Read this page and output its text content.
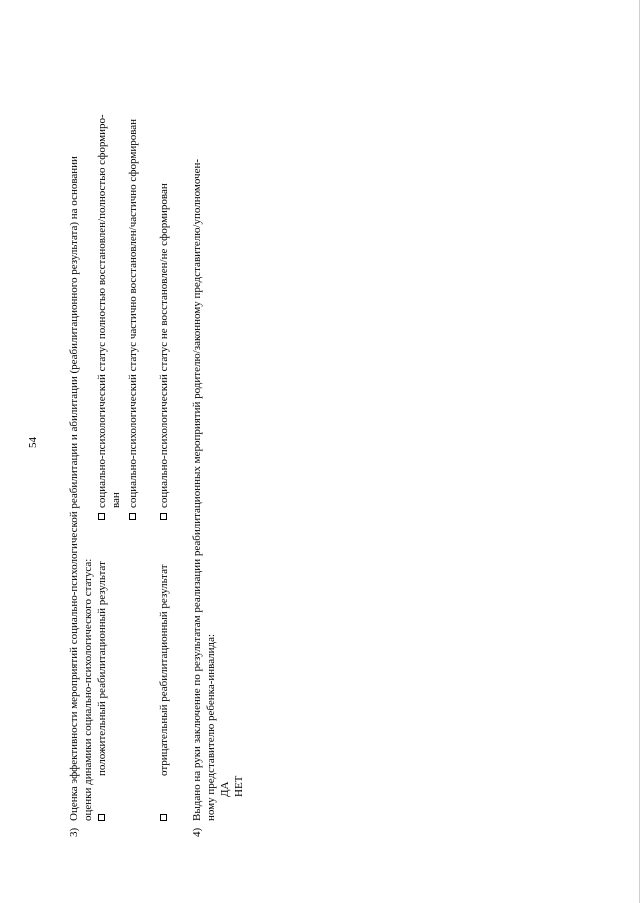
54
3)
Оценка эффективности мероприятий социально-психологической реабилитации и абилитации (реабилитационного результата) на основании оценки динамики социально-психологического статуса: положительный реабилитационный результат
социально-психологический статус полностью восстановлен/полностью сформиро- ван социально-психологический статус частично восстановлен/частично сформирован
отрицательный реабилитационный результат
социально-психологический статус не восстановлен/не сформирован
4)
Выдано на руки заключение по результатам реализации реабилитационных мероприятий родителю/законному представителю/уполномочен- ному представителю ребенка-инвалида: ДА НЕТ
